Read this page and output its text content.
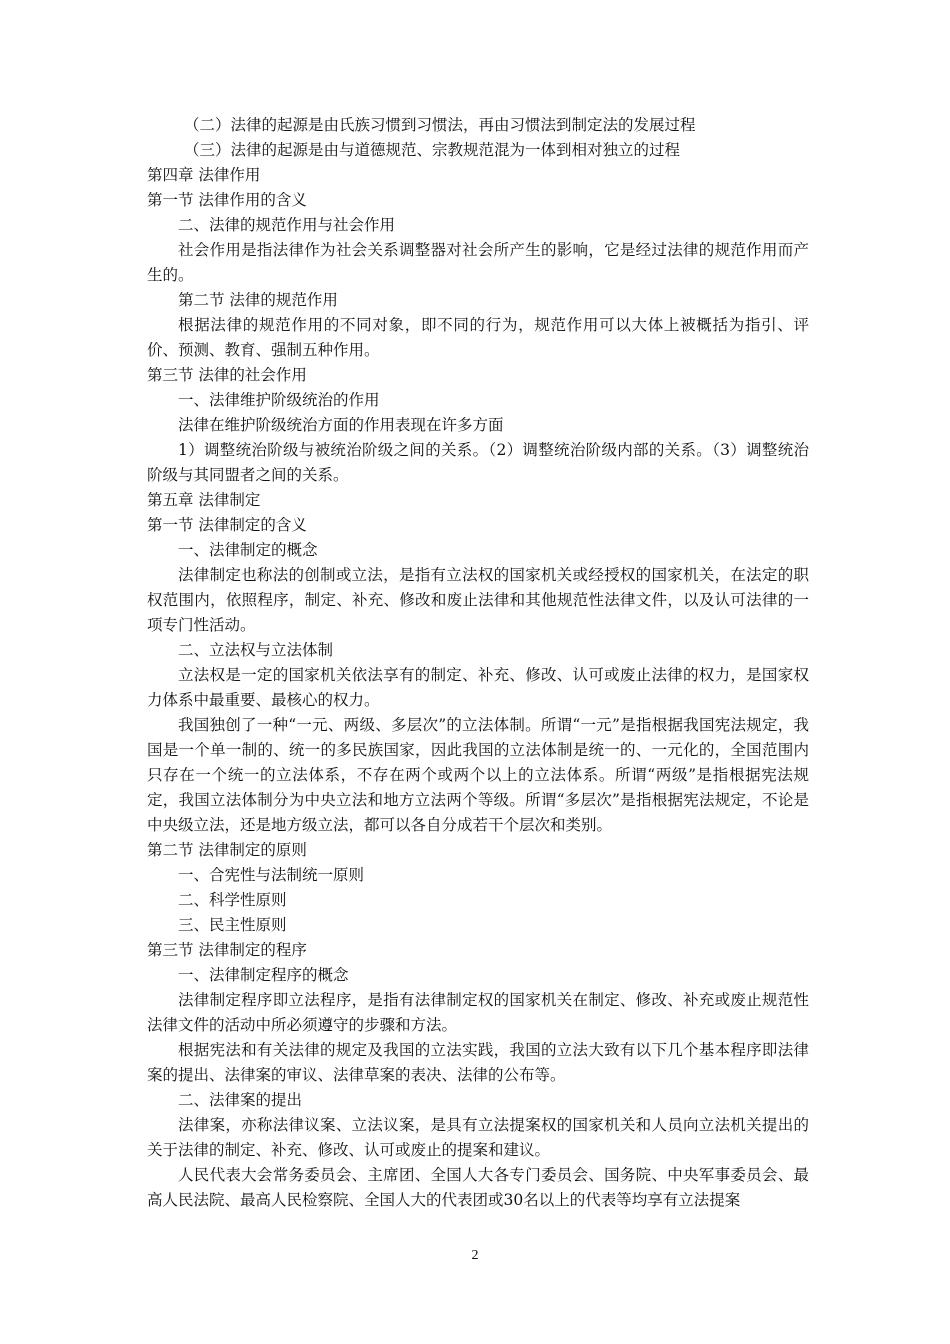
（二）法律的起源是由氏族习惯到习惯法，再由习惯法到制定法的发展过程
（三）法律的起源是由与道德规范、宗教规范混为一体到相对独立的过程
第四章 法律作用
第一节 法律作用的含义
二、法律的规范作用与社会作用
社会作用是指法律作为社会关系调整器对社会所产生的影响，它是经过法律的规范作用而产生的。
第二节 法律的规范作用
根据法律的规范作用的不同对象，即不同的行为，规范作用可以大体上被概括为指引、评价、预测、教育、强制五种作用。
第三节 法律的社会作用
一、法律维护阶级统治的作用
法律在维护阶级统治方面的作用表现在许多方面
1）调整统治阶级与被统治阶级之间的关系。（2）调整统治阶级内部的关系。（3）调整统治阶级与其同盟者之间的关系。
第五章 法律制定
第一节 法律制定的含义
一、法律制定的概念
法律制定也称法的创制或立法，是指有立法权的国家机关或经授权的国家机关，在法定的职权范围内，依照程序，制定、补充、修改和废止法律和其他规范性法律文件，以及认可法律的一项专门性活动。
二、立法权与立法体制
立法权是一定的国家机关依法享有的制定、补充、修改、认可或废止法律的权力，是国家权力体系中最重要、最核心的权力。
我国独创了一种“一元、两级、多层次”的立法体制。所谓“一元”是指根据我国宪法规定，我国是一个单一制的、统一的多民族国家，因此我国的立法体制是统一的、一元化的，全国范围内只存在一个统一的立法体系，不存在两个或两个以上的立法体系。所谓“两级”是指根据宪法规定，我国立法体制分为中央立法和地方立法两个等级。所谓“多层次”是指根据宪法规定，不论是中央级立法，还是地方级立法，都可以各自分成若干个层次和类别。
第二节 法律制定的原则
一、合宪性与法制统一原则
二、科学性原则
三、民主性原则
第三节 法律制定的程序
一、法律制定程序的概念
法律制定程序即立法程序，是指有法律制定权的国家机关在制定、修改、补充或废止规范性法律文件的活动中所必须遵守的步骤和方法。
根据宪法和有关法律的规定及我国的立法实践，我国的立法大致有以下几个基本程序即法律案的提出、法律案的审议、法律草案的表决、法律的公布等。
二、法律案的提出
法律案，亦称法律议案、立法议案，是具有立法提案权的国家机关和人员向立法机关提出的关于法律的制定、补充、修改、认可或废止的提案和建议。
人民代表大会常务委员会、主席团、全国人大各专门委员会、国务院、中央军事委员会、最高人民法院、最高人民检察院、全国人大的代表团或30名以上的代表等均享有立法提案
2
